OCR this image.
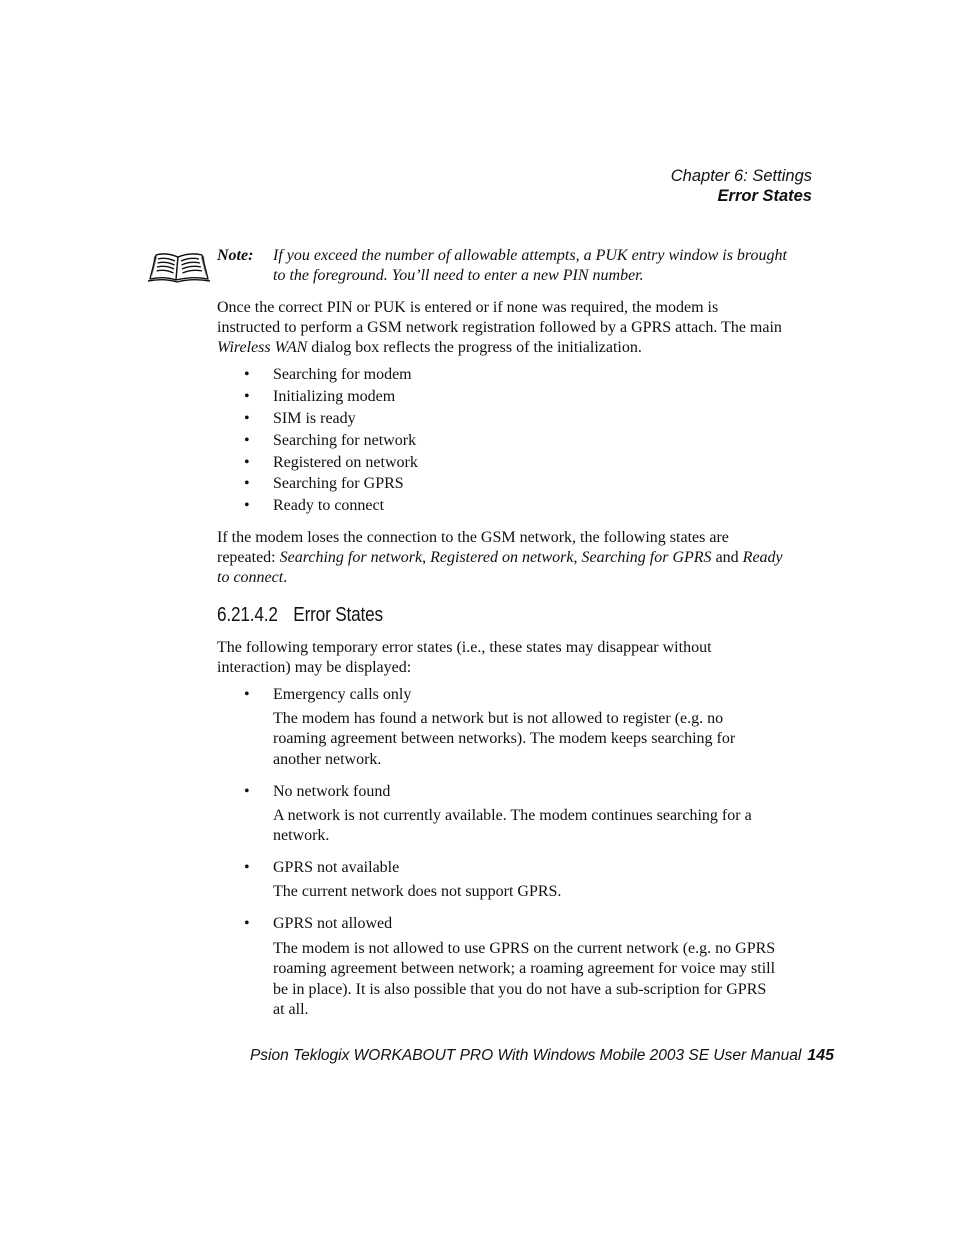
Chapter 6: Settings
Error States
Note: If you exceed the number of allowable attempts, a PUK entry window is brought to the foreground. You’ll need to enter a new PIN number.
Once the correct PIN or PUK is entered or if none was required, the modem is instructed to perform a GSM network registration followed by a GPRS attach. The main Wireless WAN dialog box reflects the progress of the initialization.
• Searching for modem
• Initializing modem
• SIM is ready
• Searching for network
• Registered on network
• Searching for GPRS
• Ready to connect
If the modem loses the connection to the GSM network, the following states are repeated: Searching for network, Registered on network, Searching for GPRS and Ready to connect.
6.21.4.2 Error States
The following temporary error states (i.e., these states may disappear without interaction) may be displayed:
• Emergency calls only
The modem has found a network but is not allowed to register (e.g. no roaming agreement between networks). The modem keeps searching for another network.
• No network found
A network is not currently available. The modem continues searching for a network.
• GPRS not available
The current network does not support GPRS.
• GPRS not allowed
The modem is not allowed to use GPRS on the current network (e.g. no GPRS roaming agreement between network; a roaming agreement for voice may still be in place). It is also possible that you do not have a sub-scription for GPRS at all.
Psion Teklogix WORKABOUT PRO With Windows Mobile 2003 SE User Manual 145
